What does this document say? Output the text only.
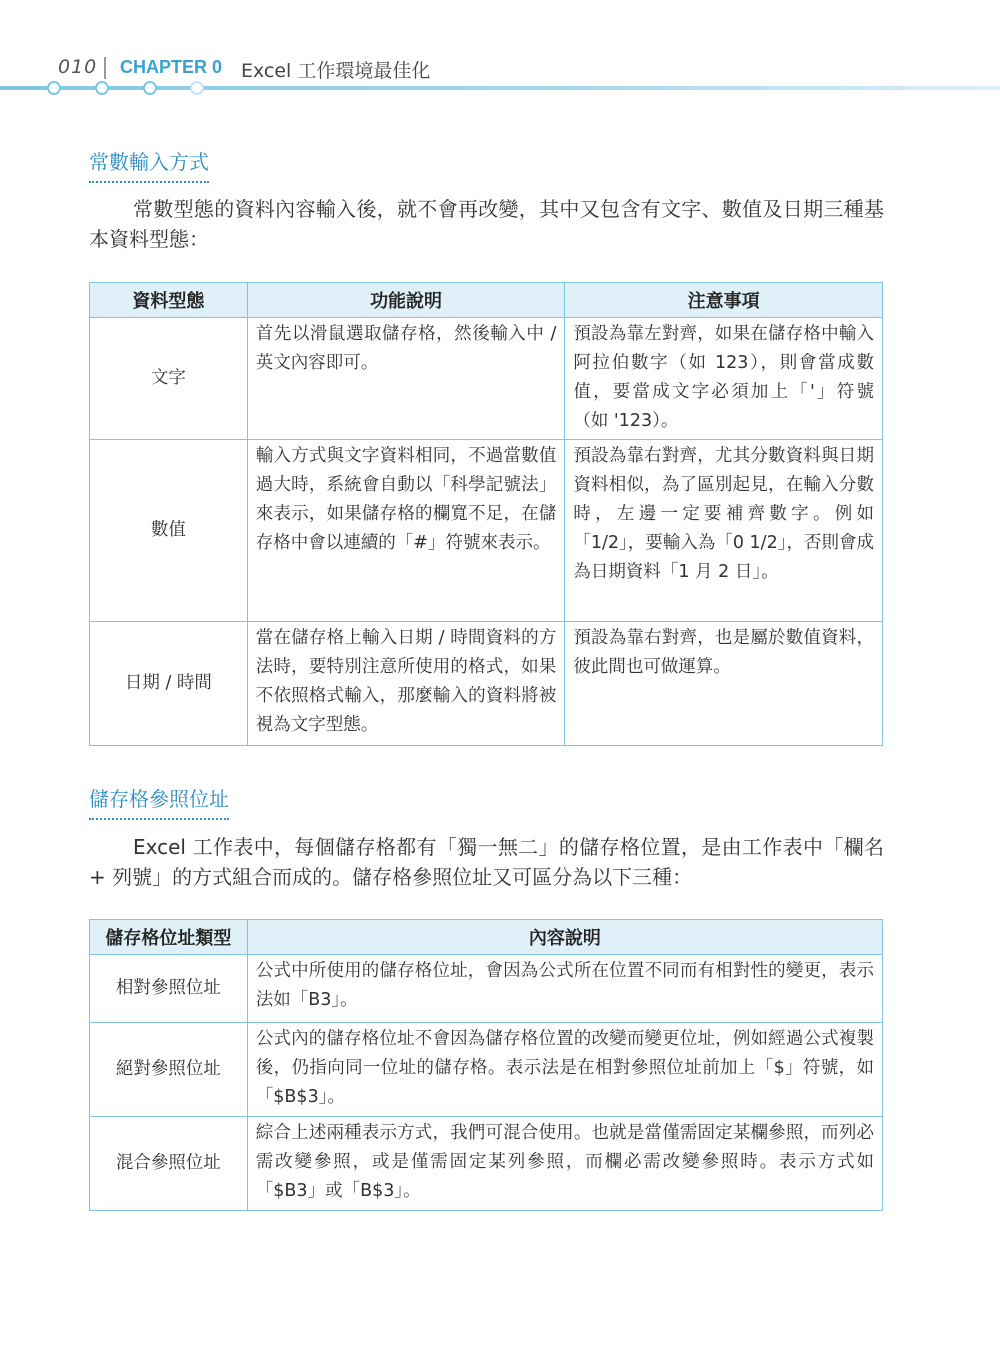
010 CHAPTER 0 Excel 工作環境最佳化
常數輸入方式

常數型態的資料內容輸入後，就不會再改變，其中又包含有文字、數值及日期三種基本資料型態：

資料型態	功能說明	注意事項
文字	首先以滑鼠選取儲存格，然後輸入中 / 英文內容即可。	預設為靠左對齊，如果在儲存格中輸入阿拉伯數字（如 123），則會當成數值，要當成文字必須加上「'」符號（如 '123）。
數值	輸入方式與文字資料相同，不過當數值過大時，系統會自動以「科學記號法」來表示，如果儲存格的欄寬不足，在儲存格中會以連續的「#」符號來表示。	預設為靠右對齊，尤其分數資料與日期資料相似，為了區別起見，在輸入分數時，左邊一定要補齊數字。例如「1/2」，要輸入為「0 1/2」，否則會成為日期資料「1 月 2 日」。
日期 / 時間	當在儲存格上輸入日期 / 時間資料的方法時，要特別注意所使用的格式，如果不依照格式輸入，那麼輸入的資料將被視為文字型態。	預設為靠右對齊，也是屬於數值資料，彼此間也可做運算。
儲存格參照位址

Excel 工作表中，每個儲存格都有「獨一無二」的儲存格位置，是由工作表中「欄名 + 列號」的方式組合而成的。儲存格參照位址又可區分為以下三種：

儲存格位址類型	內容說明
相對參照位址	公式中所使用的儲存格位址，會因為公式所在位置不同而有相對性的變更，表示法如「B3」。
絕對參照位址	公式內的儲存格位址不會因為儲存格位置的改變而變更位址，例如經過公式複製後，仍指向同一位址的儲存格。表示法是在相對參照位址前加上「$」符號，如「$B$3」。
混合參照位址	綜合上述兩種表示方式，我們可混合使用。也就是當僅需固定某欄參照，而列必需改變參照，或是僅需固定某列參照，而欄必需改變參照時。表示方式如「$B3」或「B$3」。
